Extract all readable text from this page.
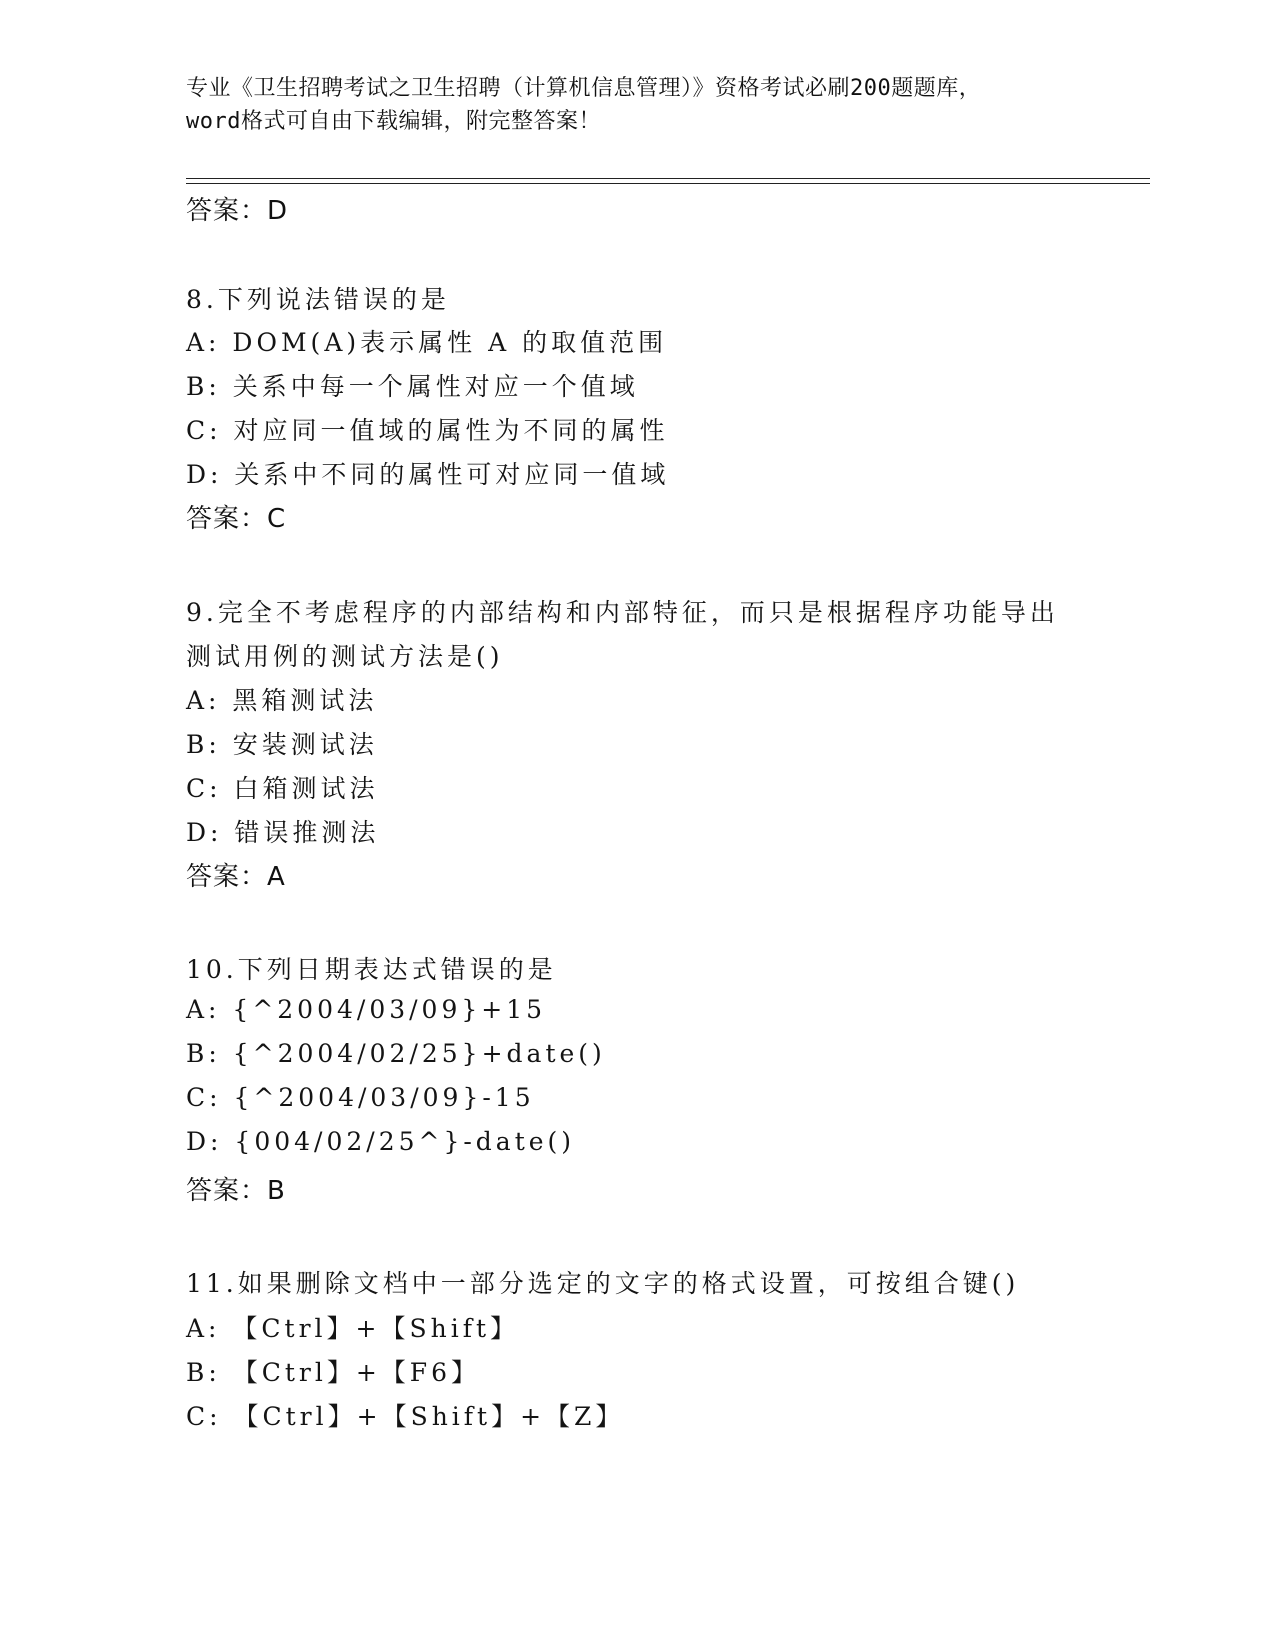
专业《卫生招聘考试之卫生招聘（计算机信息管理）》资格考试必刷200题题库，
word格式可自由下载编辑，附完整答案！
答案：D
8.下列说法错误的是
A: DOM(A)表示属性 A 的取值范围
B: 关系中每一个属性对应一个值域
C: 对应同一值域的属性为不同的属性
D: 关系中不同的属性可对应同一值域
答案：C
9.完全不考虑程序的内部结构和内部特征，而只是根据程序功能导出
测试用例的测试方法是()
A: 黑箱测试法
B: 安装测试法
C: 白箱测试法
D: 错误推测法
答案：A
10.下列日期表达式错误的是
A: {^2004/03/09}+15
B: {^2004/02/25}+date()
C: {^2004/03/09}-15
D: {004/02/25^}-date()
答案：B
11.如果删除文档中一部分选定的文字的格式设置，可按组合键()
A: 【Ctrl】+【Shift】
B: 【Ctrl】+【F6】
C: 【Ctrl】+【Shift】+【Z】
